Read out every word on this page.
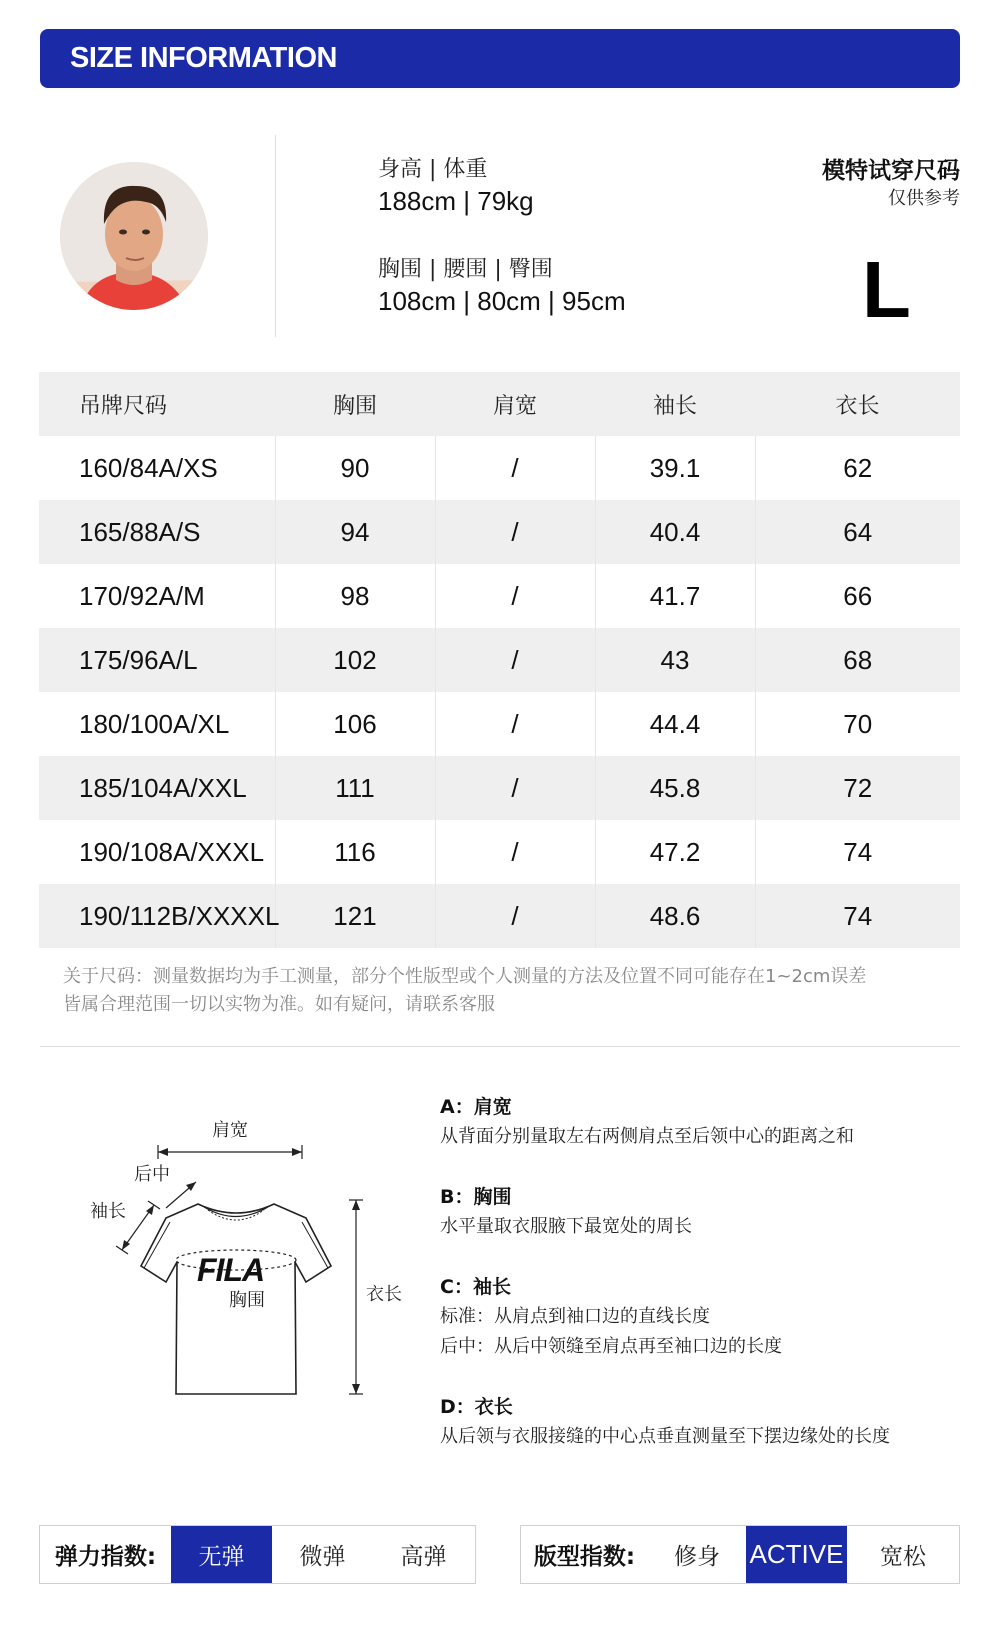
SIZE INFORMATION
身高 | 体重
188cm | 79kg
胸围 | 腰围 | 臀围
108cm | 80cm | 95cm
模特试穿尺码
仅供参考
L
吊牌尺码	胸围	肩宽	袖长	衣长
160/84A/XS	90	/	39.1	62
165/88A/S	94	/	40.4	64
170/92A/M	98	/	41.7	66
175/96A/L	102	/	43	68
180/100A/XL	106	/	44.4	70
185/104A/XXL	111	/	45.8	72
190/108A/XXXL	116	/	47.2	74
190/112B/XXXXL	121	/	48.6	74
关于尺码：测量数据均为手工测量，部分个性版型或个人测量的方法及位置不同可能存在1~2cm误差
皆属合理范围一切以实物为准。如有疑问，请联系客服
肩宽
后中
袖长
FILA
胸围	衣长
A：肩宽
从背面分别量取左右两侧肩点至后领中心的距离之和
B：胸围
水平量取衣服腋下最宽处的周长
C：袖长
标准：从肩点到袖口边的直线长度
后中：从后中领缝至肩点再至袖口边的长度
D：衣长
从后领与衣服接缝的中心点垂直测量至下摆边缘处的长度
弹力指数:	无弹	微弹	高弹	版型指数:	修身	ACTIVE	宽松
